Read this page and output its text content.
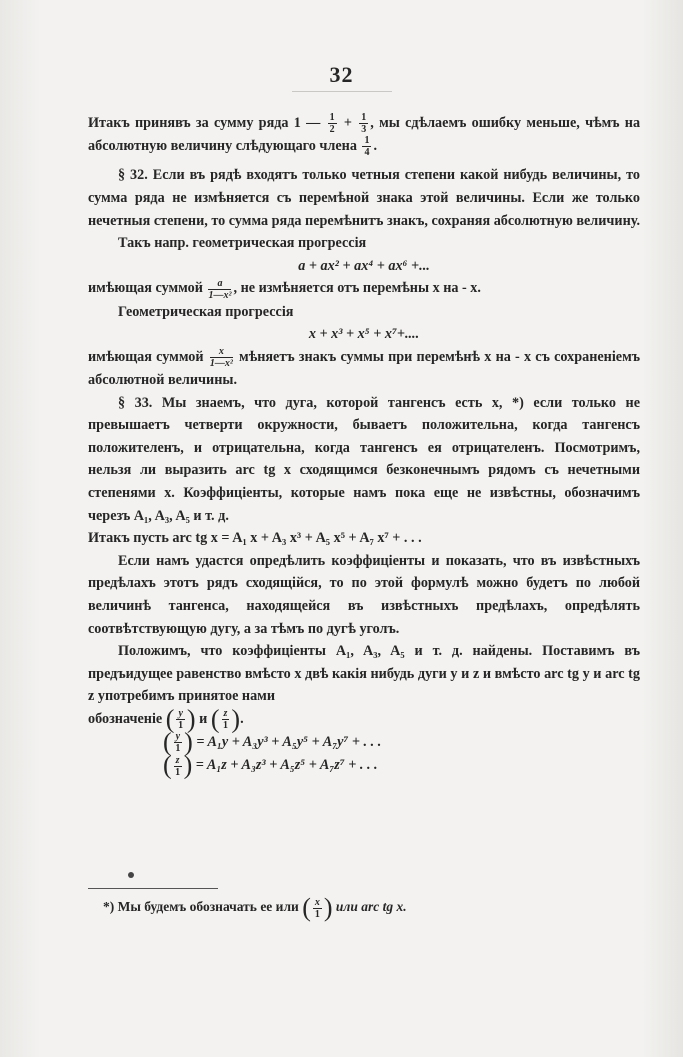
32

Итакъ принявъ за сумму ряда 1 — $\frac{1}{2} + \frac{1}{3}$ , мы сдѣлаемъ ошибку меньше, чѣмъ на абсолютную величину слѣдующаго члена $\frac{1}{4}$ .

§ 32. Если въ рядѣ входятъ только четныя степени какой нибудь величины, то сумма ряда не измѣняется съ перемѣной знака этой величины. Если же только нечетныя степени, то сумма ряда перемѣнитъ знакъ, сохраняя абсолютную величину.

Такъ напр. геометрическая прогрессія

a + ax² + ax⁴ + ax⁶ +...

имѣющая суммой $\frac{a}{\text{1—x²}}$ , не измѣняется отъ перемѣны x на - x.

Геометрическая прогрессія

x + x³ + x⁵ + x⁷+....

имѣющая суммой $\frac{x}{\text{1—x²}}$ мѣняетъ знакъ суммы при перемѣнѣ x на - x съ сохраненiемъ абсолютной величины.

§ 33. Мы знаемъ, что дуга, которой тангенсъ есть x, *) если только не превышаетъ четверти окружности, бываетъ положительна, когда тангенсъ положителенъ, и отрицательна, когда тангенсъ ея отрицателенъ. Посмотримъ, нельзя ли выразить arc tg x сходящимся безконечнымъ рядомъ съ нечетными степенями x. Коэффиціенты, которые намъ пока еще не извѣстны, обозначимъ черезъ A₁, A₃, A₅ и т. д.

Итакъ пусть arc tg x = A₁ x + A₃ x³ + A₅ x⁵ + A₇ x⁷ + . . .

Если намъ удастся опредѣлить коэффиціенты и показать, что въ извѣстныхъ предѣлахъ этотъ рядъ сходящiйся, то по этой формулѣ можно будетъ по любой величинѣ тангенса, находящейся въ извѣстныхъ предѣлахъ, опредѣлять соотвѣтствующую дугу, а за тѣмъ по дугѣ уголъ.

Положимъ, что коэффиціенты A₁, A₃, A₅ и т. д. найдены. Поставимъ въ предъидущее равенство вмѣсто x двѣ какія нибудь дуги y и z и вмѣсто arc tg y и arc tg z употребимъ принятое нами

обозначеніе ( $\frac{y}{1}$ ) и ( $\frac{z}{1}$ ).

( $\frac{y}{1}$ ) = A₁y + A₃y³ + A₅y⁵ + A₇y⁷ + . . .

( $\frac{z}{1}$ ) = A₁z + A₃z³ + A₅z⁵ + A₇z⁷ + . . .

*) Мы будемъ обозначать ее или ( $\frac{x}{1}$ ) или arc tg x.
